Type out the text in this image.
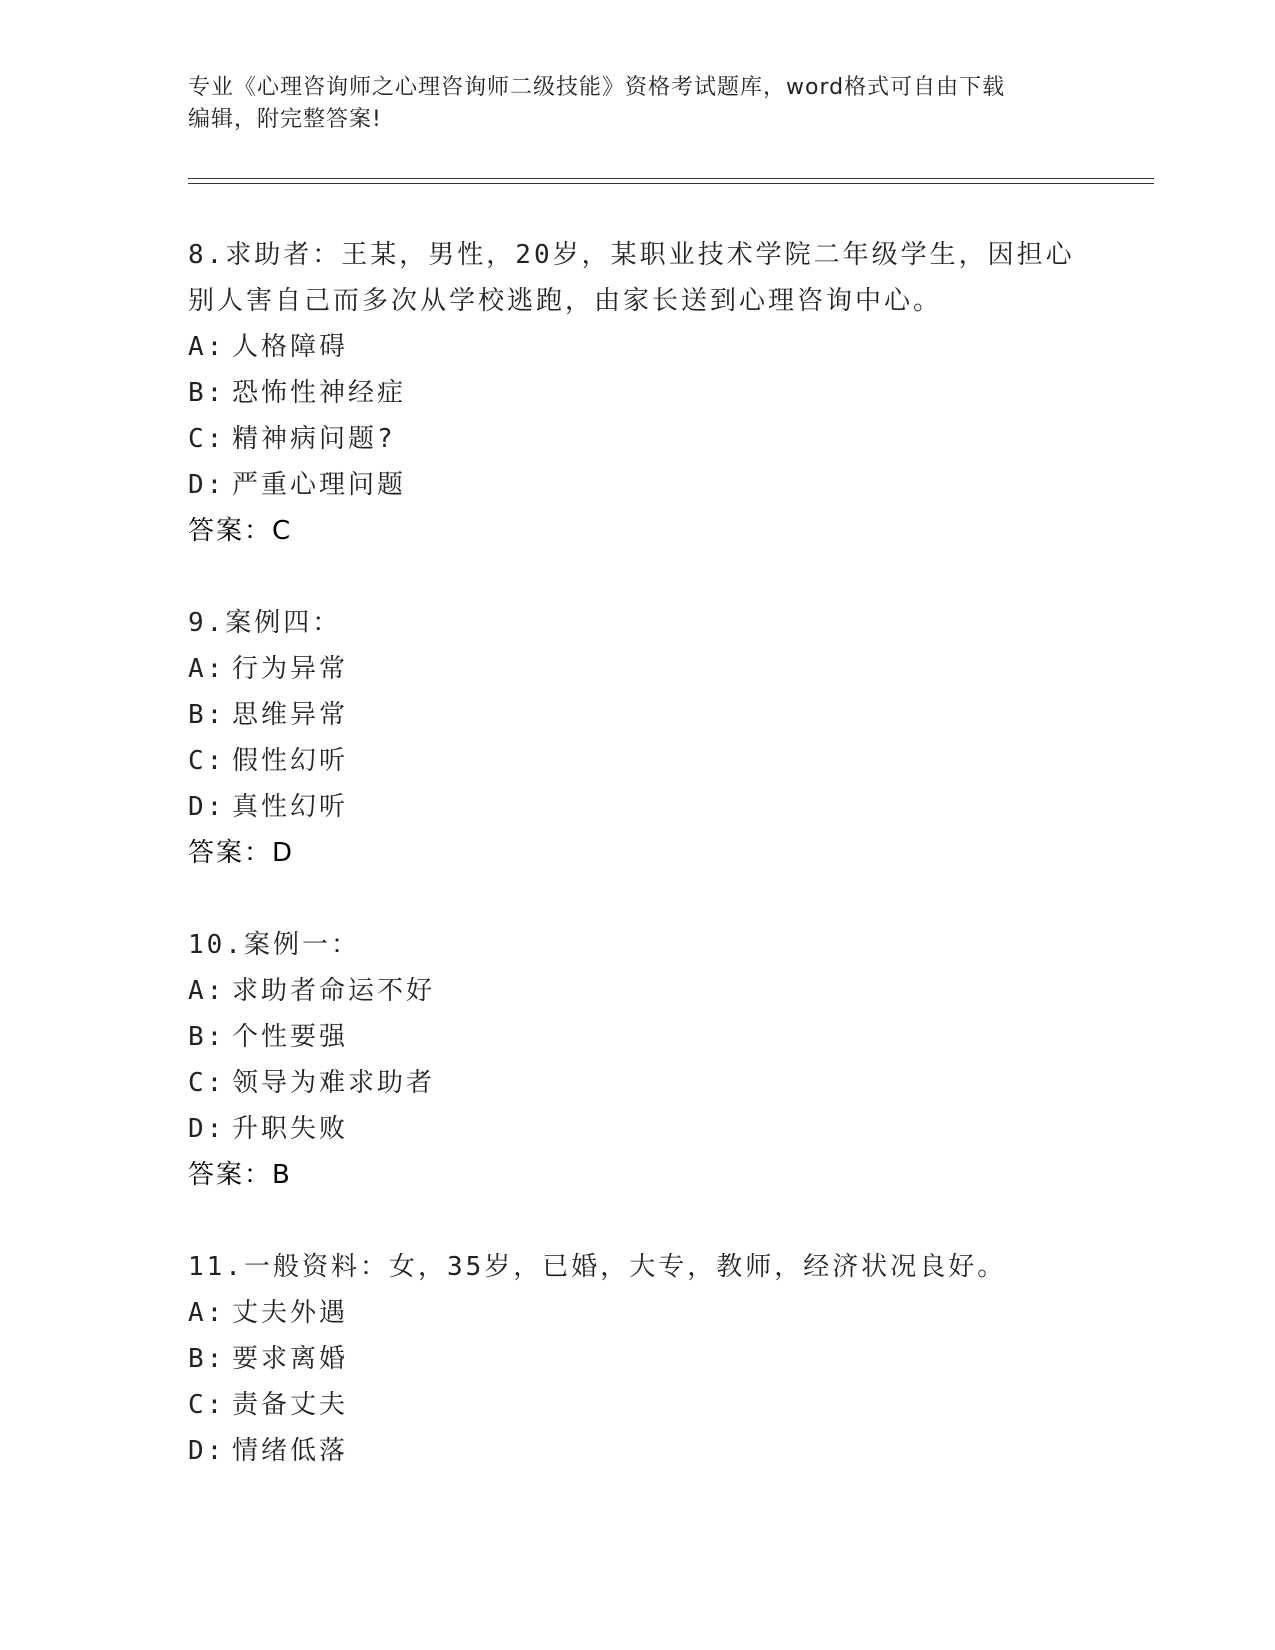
专业《心理咨询师之心理咨询师二级技能》资格考试题库，word格式可自由下载
编辑，附完整答案!
8.求助者：王某，男性，20岁，某职业技术学院二年级学生，因担心
别人害自己而多次从学校逃跑，由家长送到心理咨询中心。
A: 人格障碍
B: 恐怖性神经症
C: 精神病问题?
D: 严重心理问题
答案：C
9.案例四：
A: 行为异常
B: 思维异常
C: 假性幻听
D: 真性幻听
答案：D
10.案例一：
A: 求助者命运不好
B: 个性要强
C: 领导为难求助者
D: 升职失败
答案：B
11.一般资料：女，35岁，已婚，大专，教师，经济状况良好。
A: 丈夫外遇
B: 要求离婚
C: 责备丈夫
D: 情绪低落
